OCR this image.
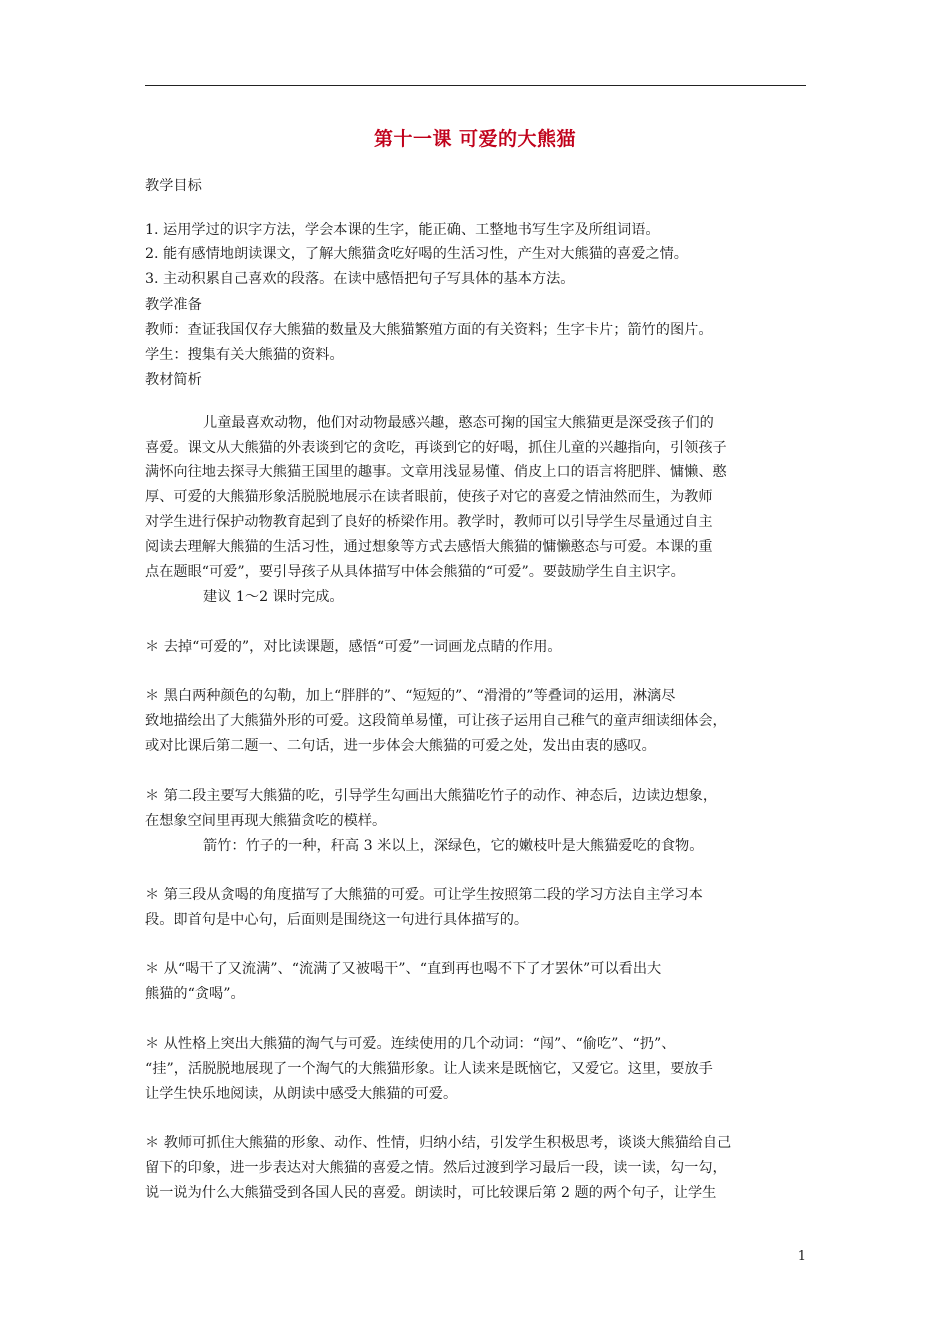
第十一课 可爱的大熊猫
教学目标
1. 运用学过的识字方法，学会本课的生字，能正确、工整地书写生字及所组词语。
2. 能有感情地朗读课文，了解大熊猫贪吃好喝的生活习性，产生对大熊猫的喜爱之情。
3. 主动积累自己喜欢的段落。在读中感悟把句子写具体的基本方法。
教学准备
教师：查证我国仅存大熊猫的数量及大熊猫繁殖方面的有关资料；生字卡片；箭竹的图片。
学生：搜集有关大熊猫的资料。
教材简析
儿童最喜欢动物，他们对动物最感兴趣，憨态可掬的国宝大熊猫更是深受孩子们的
喜爱。课文从大熊猫的外表谈到它的贪吃，再谈到它的好喝，抓住儿童的兴趣指向，引领孩子
满怀向往地去探寻大熊猫王国里的趣事。文章用浅显易懂、俏皮上口的语言将肥胖、慵懒、憨
厚、可爱的大熊猫形象活脱脱地展示在读者眼前，使孩子对它的喜爱之情油然而生，为教师
对学生进行保护动物教育起到了良好的桥梁作用。教学时，教师可以引导学生尽量通过自主
阅读去理解大熊猫的生活习性，通过想象等方式去感悟大熊猫的慵懒憨态与可爱。本课的重
点在题眼“可爱”，要引导孩子从具体描写中体会熊猫的“可爱”。要鼓励学生自主识字。
建议 1～2 课时完成。
＊ 去掉“可爱的”，对比读课题，感悟“可爱”一词画龙点睛的作用。
＊ 黑白两种颜色的勾勒，加上“胖胖的”、“短短的”、“滑滑的”等叠词的运用，淋漓尽
致地描绘出了大熊猫外形的可爱。这段简单易懂，可让孩子运用自己稚气的童声细读细体会，
或对比课后第二题一、二句话，进一步体会大熊猫的可爱之处，发出由衷的感叹。
＊ 第二段主要写大熊猫的吃，引导学生勾画出大熊猫吃竹子的动作、神态后，边读边想象，
在想象空间里再现大熊猫贪吃的模样。
箭竹：竹子的一种，秆高 3 米以上，深绿色，它的嫩枝叶是大熊猫爱吃的食物。
＊ 第三段从贪喝的角度描写了大熊猫的可爱。可让学生按照第二段的学习方法自主学习本
段。即首句是中心句，后面则是围绕这一句进行具体描写的。
＊ 从“喝干了又流满”、“流满了又被喝干”、“直到再也喝不下了才罢休”可以看出大
熊猫的“贪喝”。
＊ 从性格上突出大熊猫的淘气与可爱。连续使用的几个动词：“闯”、“偷吃”、“扔”、
“挂”，活脱脱地展现了一个淘气的大熊猫形象。让人读来是既恼它，又爱它。这里，要放手
让学生快乐地阅读，从朗读中感受大熊猫的可爱。
＊ 教师可抓住大熊猫的形象、动作、性情，归纳小结，引发学生积极思考，谈谈大熊猫给自己
留下的印象，进一步表达对大熊猫的喜爱之情。然后过渡到学习最后一段，读一读，勾一勾，
说一说为什么大熊猫受到各国人民的喜爱。朗读时，可比较课后第 2 题的两个句子，让学生
1
